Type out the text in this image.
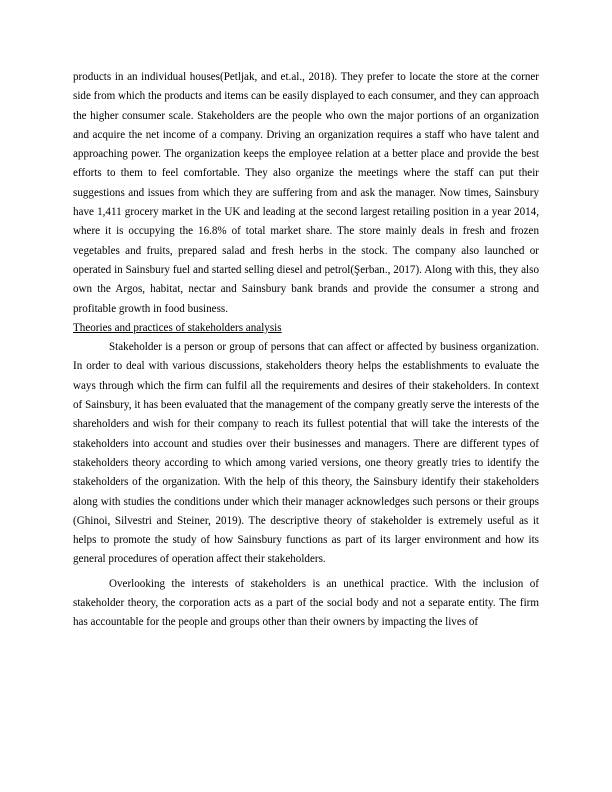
products in an individual houses(Petljak, and et.al., 2018). They prefer to locate the store at the corner side from which the products and items can be easily displayed to each consumer, and they can approach the higher consumer scale. Stakeholders are the people who own the major portions of an organization and acquire the net income of a company. Driving an organization requires a staff who have talent and approaching power. The organization keeps the employee relation at a better place and provide the best efforts to them to feel comfortable. They also organize the meetings where the staff can put their suggestions and issues from which they are suffering from and ask the manager. Now times, Sainsbury have 1,411 grocery market in the UK and leading at the second largest retailing position in a year 2014, where it is occupying the 16.8% of total market share. The store mainly deals in fresh and frozen vegetables and fruits, prepared salad and fresh herbs in the stock. The company also launched or operated in Sainsbury fuel and started selling diesel and petrol(Şerban., 2017). Along with this, they also own the Argos, habitat, nectar and Sainsbury bank brands and provide the consumer a strong and profitable growth in food business.

Theories and practices of stakeholders analysis

Stakeholder is a person or group of persons that can affect or affected by business organization. In order to deal with various discussions, stakeholders theory helps the establishments to evaluate the ways through which the firm can fulfil all the requirements and desires of their stakeholders. In context of Sainsbury, it has been evaluated that the management of the company greatly serve the interests of the shareholders and wish for their company to reach its fullest potential that will take the interests of the stakeholders into account and studies over their businesses and managers. There are different types of stakeholders theory according to which among varied versions, one theory greatly tries to identify the stakeholders of the organization. With the help of this theory, the Sainsbury identify their stakeholders along with studies the conditions under which their manager acknowledges such persons or their groups (Ghinoi, Silvestri and Steiner, 2019). The descriptive theory of stakeholder is extremely useful as it helps to promote the study of how Sainsbury functions as part of its larger environment and how its general procedures of operation affect their stakeholders.

Overlooking the interests of stakeholders is an unethical practice. With the inclusion of stakeholder theory, the corporation acts as a part of the social body and not a separate entity. The firm has accountable for the people and groups other than their owners by impacting the lives of
